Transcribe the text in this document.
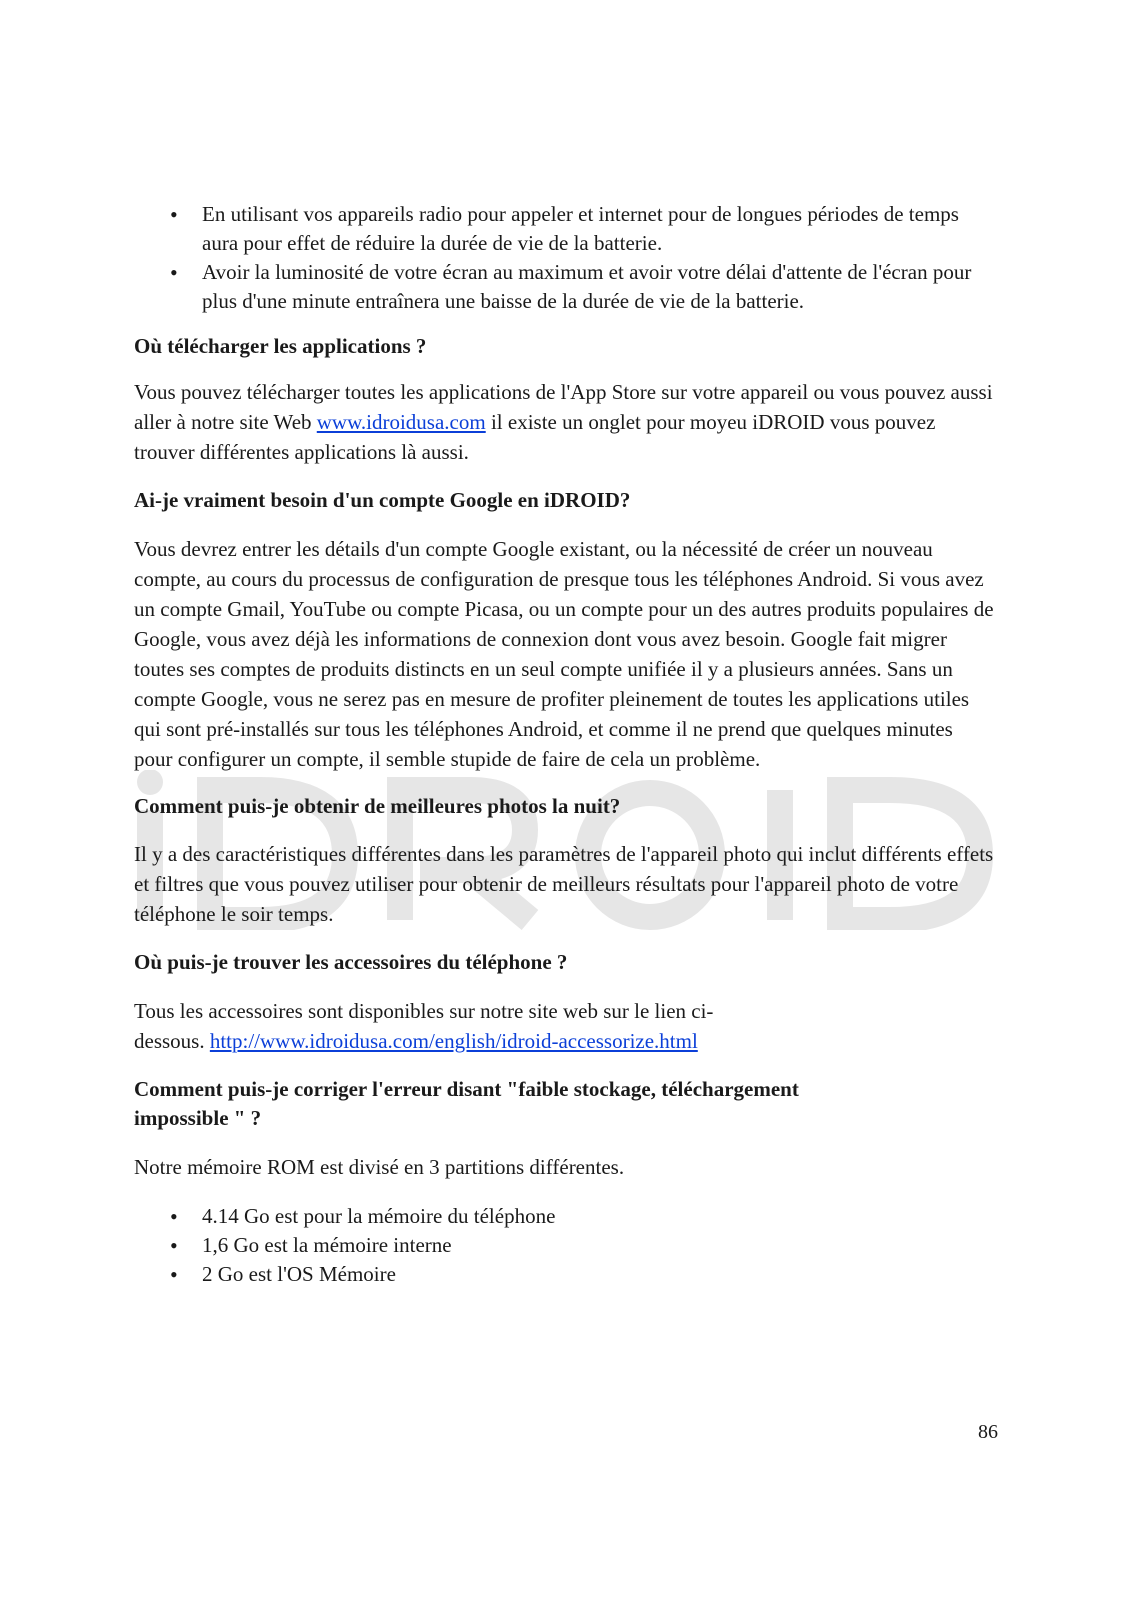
• En utilisant vos appareils radio pour appeler et internet pour de longues périodes de temps aura pour effet de réduire la durée de vie de la batterie.
• Avoir la luminosité de votre écran au maximum et avoir votre délai d'attente de l'écran pour plus d'une minute entraînera une baisse de la durée de vie de la batterie.
Où télécharger les applications ?

Vous pouvez télécharger toutes les applications de l'App Store sur votre appareil ou vous pouvez aussi aller à notre site Web www.idroidusa.com il existe un onglet pour moyeu iDROID vous pouvez trouver différentes applications là aussi.

Ai-je vraiment besoin d'un compte Google en iDROID?

Vous devrez entrer les détails d'un compte Google existant, ou la nécessité de créer un nouveau compte, au cours du processus de configuration de presque tous les téléphones Android. Si vous avez un compte Gmail, YouTube ou compte Picasa, ou un compte pour un des autres produits populaires de Google, vous avez déjà les informations de connexion dont vous avez besoin. Google fait migrer toutes ses comptes de produits distincts en un seul compte unifiée il y a plusieurs années. Sans un compte Google, vous ne serez pas en mesure de profiter pleinement de toutes les applications utiles qui sont pré-installés sur tous les téléphones Android, et comme il ne prend que quelques minutes pour configurer un compte, il semble stupide de faire de cela un problème.

Comment puis-je obtenir de meilleures photos la nuit?

Il y a des caractéristiques différentes dans les paramètres de l'appareil photo qui inclut différents effets et filtres que vous pouvez utiliser pour obtenir de meilleurs résultats pour l'appareil photo de votre téléphone le soir temps.

Où puis-je trouver les accessoires du téléphone ?

Tous les accessoires sont disponibles sur notre site web sur le lien ci-
dessous. http://www.idroidusa.com/english/idroid-accessorize.html

Comment puis-je corriger l'erreur disant "faible stockage, téléchargement impossible " ?

Notre mémoire ROM est divisé en 3 partitions différentes.

• 4.14 Go est pour la mémoire du téléphone
• 1,6 Go est la mémoire interne
• 2 Go est l'OS Mémoire
86
